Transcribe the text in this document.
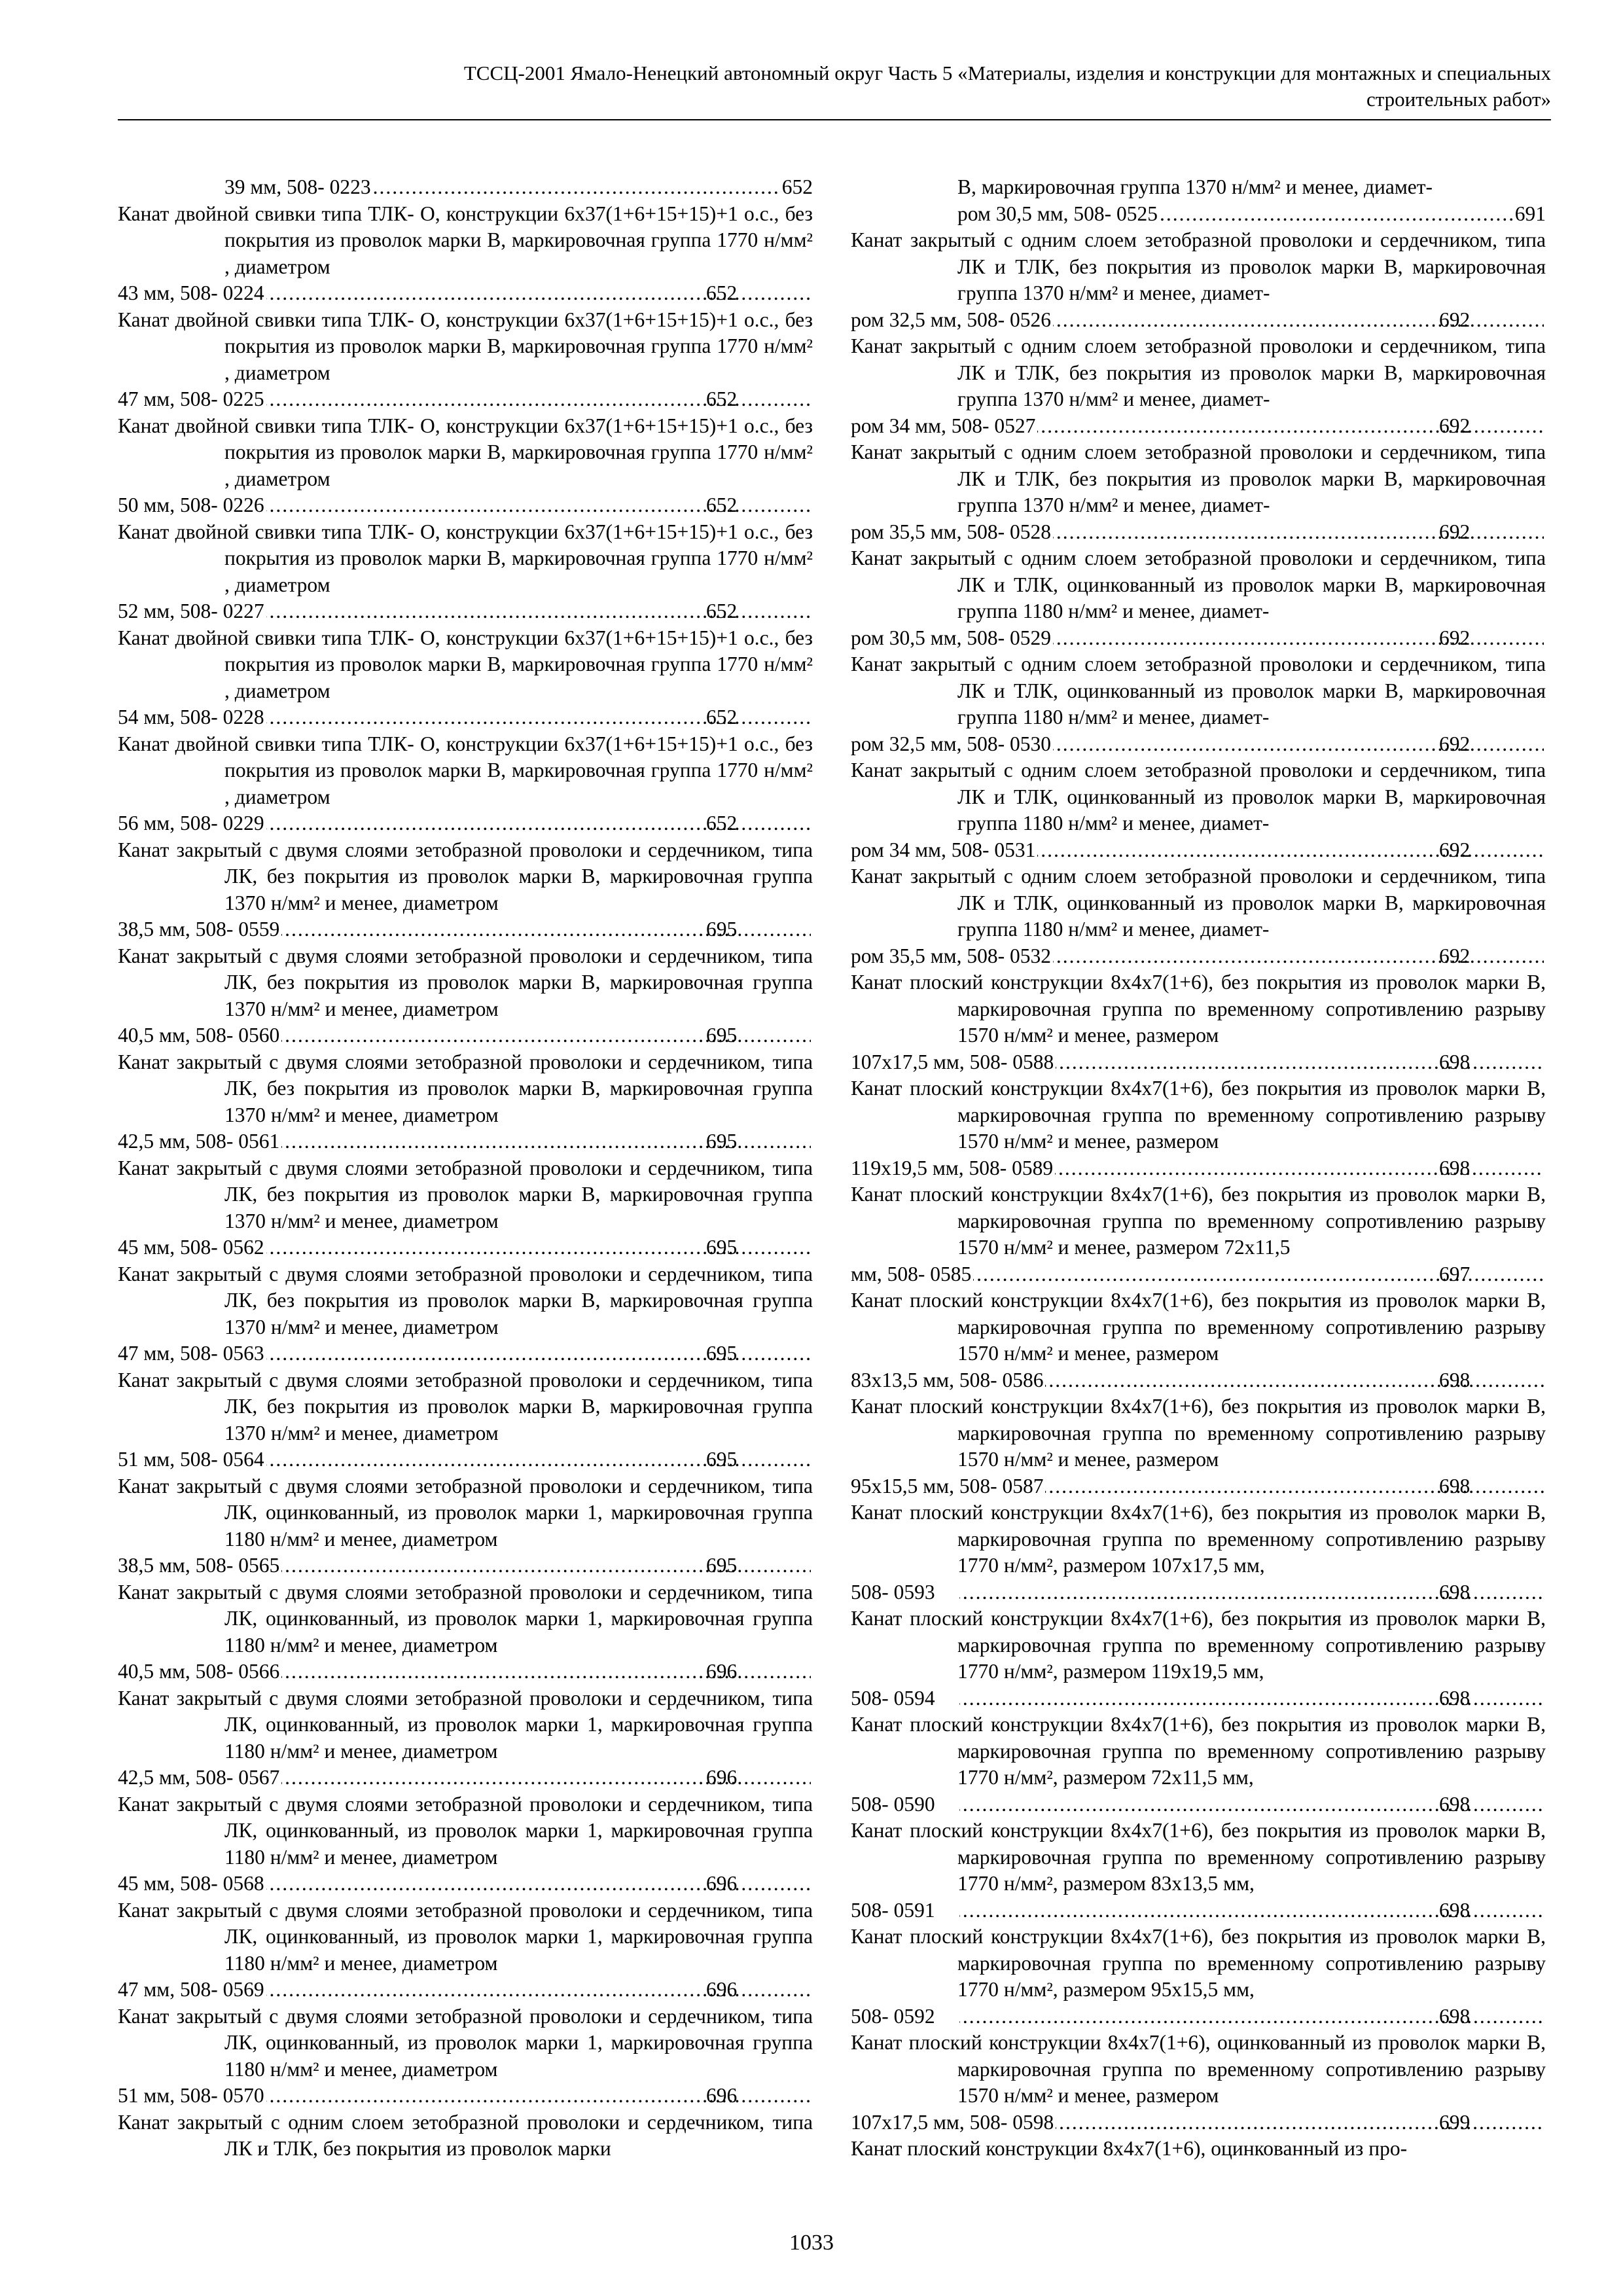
ТССЦ-2001 Ямало-Ненецкий автономный округ Часть 5 «Материалы, изделия и конструкции для монтажных и специальных
строительных работ»
39 мм, 508- 0223 .....	652
Канат двойной свивки типа ТЛК- О, конструкции 6х37(1+6+15+15)+1 о.с., без покрытия из проволок марки В, маркировочная группа 1770 н/мм² , диаметром
43 мм, 508- 0224 .....	652
Канат двойной свивки типа ТЛК- О, конструкции 6х37(1+6+15+15)+1 о.с., без покрытия из проволок марки В, маркировочная группа 1770 н/мм² , диаметром
47 мм, 508- 0225 .....	652
Канат двойной свивки типа ТЛК- О, конструкции 6х37(1+6+15+15)+1 о.с., без покрытия из проволок марки В, маркировочная группа 1770 н/мм² , диаметром
50 мм, 508- 0226 .....	652
Канат двойной свивки типа ТЛК- О, конструкции 6х37(1+6+15+15)+1 о.с., без покрытия из проволок марки В, маркировочная группа 1770 н/мм² , диаметром
52 мм, 508- 0227 .....	652
Канат двойной свивки типа ТЛК- О, конструкции 6х37(1+6+15+15)+1 о.с., без покрытия из проволок марки В, маркировочная группа 1770 н/мм² , диаметром
54 мм, 508- 0228 .....	652
Канат двойной свивки типа ТЛК- О, конструкции 6х37(1+6+15+15)+1 о.с., без покрытия из проволок марки В, маркировочная группа 1770 н/мм² , диаметром
56 мм, 508- 0229 .....	652
Канат закрытый с двумя слоями зетобразной проволоки и сердечником, типа ЛК, без покрытия из проволок марки В, маркировочная группа 1370 н/мм² и менее, диаметром
38,5 мм, 508- 0559 .....	695
Канат закрытый с двумя слоями зетобразной проволоки и сердечником, типа ЛК, без покрытия из проволок марки В, маркировочная группа 1370 н/мм² и менее, диаметром
40,5 мм, 508- 0560 .....	695
Канат закрытый с двумя слоями зетобразной проволоки и сердечником, типа ЛК, без покрытия из проволок марки В, маркировочная группа 1370 н/мм² и менее, диаметром
42,5 мм, 508- 0561 .....	695
Канат закрытый с двумя слоями зетобразной проволоки и сердечником, типа ЛК, без покрытия из проволок марки В, маркировочная группа 1370 н/мм² и менее, диаметром
45 мм, 508- 0562 .....	695
Канат закрытый с двумя слоями зетобразной проволоки и сердечником, типа ЛК, без покрытия из проволок марки В, маркировочная группа 1370 н/мм² и менее, диаметром
47 мм, 508- 0563 .....	695
Канат закрытый с двумя слоями зетобразной проволоки и сердечником, типа ЛК, без покрытия из проволок марки В, маркировочная группа 1370 н/мм² и менее, диаметром
51 мм, 508- 0564 .....	695
Канат закрытый с двумя слоями зетобразной проволоки и сердечником, типа ЛК, оцинкованный, из проволок марки 1, маркировочная группа 1180 н/мм² и менее, диаметром
38,5 мм, 508- 0565 .....	695
Канат закрытый с двумя слоями зетобразной проволоки и сердечником, типа ЛК, оцинкованный, из проволок марки 1, маркировочная группа 1180 н/мм² и менее, диаметром
40,5 мм, 508- 0566 .....	696
Канат закрытый с двумя слоями зетобразной проволоки и сердечником, типа ЛК, оцинкованный, из проволок марки 1, маркировочная группа 1180 н/мм² и менее, диаметром
42,5 мм, 508- 0567 .....	696
Канат закрытый с двумя слоями зетобразной проволоки и сердечником, типа ЛК, оцинкованный, из проволок марки 1, маркировочная группа 1180 н/мм² и менее, диаметром
45 мм, 508- 0568 .....	696
Канат закрытый с двумя слоями зетобразной проволоки и сердечником, типа ЛК, оцинкованный, из проволок марки 1, маркировочная группа 1180 н/мм² и менее, диаметром
47 мм, 508- 0569 .....	696
Канат закрытый с двумя слоями зетобразной проволоки и сердечником, типа ЛК, оцинкованный, из проволок марки 1, маркировочная группа 1180 н/мм² и менее, диаметром
51 мм, 508- 0570 .....	696
Канат закрытый с одним слоем зетобразной проволоки и сердечником, типа ЛК и ТЛК, без покрытия из проволок марки
В, маркировочная группа 1370 н/мм² и менее, диамет-
ром 30,5 мм, 508- 0525 .....	691
Канат закрытый с одним слоем зетобразной проволоки и сердечником, типа ЛК и ТЛК, без покрытия из проволок марки В, маркировочная группа 1370 н/мм² и менее, диамет-
ром 32,5 мм, 508- 0526 .....	692
Канат закрытый с одним слоем зетобразной проволоки и сердечником, типа ЛК и ТЛК, без покрытия из проволок марки В, маркировочная группа 1370 н/мм² и менее, диамет-
ром 34 мм, 508- 0527 .....	692
Канат закрытый с одним слоем зетобразной проволоки и сердечником, типа ЛК и ТЛК, без покрытия из проволок марки В, маркировочная группа 1370 н/мм² и менее, диамет-
ром 35,5 мм, 508- 0528 .....	692
Канат закрытый с одним слоем зетобразной проволоки и сердечником, типа ЛК и ТЛК, оцинкованный из проволок марки В, маркировочная группа 1180 н/мм² и менее, диамет-
ром 30,5 мм, 508- 0529 .....	692
Канат закрытый с одним слоем зетобразной проволоки и сердечником, типа ЛК и ТЛК, оцинкованный из проволок марки В, маркировочная группа 1180 н/мм² и менее, диамет-
ром 32,5 мм, 508- 0530 .....	692
Канат закрытый с одним слоем зетобразной проволоки и сердечником, типа ЛК и ТЛК, оцинкованный из проволок марки В, маркировочная группа 1180 н/мм² и менее, диамет-
ром 34 мм, 508- 0531 .....	692
Канат закрытый с одним слоем зетобразной проволоки и сердечником, типа ЛК и ТЛК, оцинкованный из проволок марки В, маркировочная группа 1180 н/мм² и менее, диамет-
ром 35,5 мм, 508- 0532 .....	692
Канат плоский конструкции 8х4х7(1+6), без покрытия из проволок марки В, маркировочная группа по временному сопротивлению разрыву 1570 н/мм² и менее, размером
107х17,5 мм, 508- 0588 .....	698
Канат плоский конструкции 8х4х7(1+6), без покрытия из проволок марки В, маркировочная группа по временному сопротивлению разрыву 1570 н/мм² и менее, размером
119х19,5 мм, 508- 0589 .....	698
Канат плоский конструкции 8х4х7(1+6), без покрытия из проволок марки В, маркировочная группа по временному сопротивлению разрыву 1570 н/мм² и менее, размером 72х11,5
мм, 508- 0585 .....	697
Канат плоский конструкции 8х4х7(1+6), без покрытия из проволок марки В, маркировочная группа по временному сопротивлению разрыву 1570 н/мм² и менее, размером
83х13,5 мм, 508- 0586 .....	698
Канат плоский конструкции 8х4х7(1+6), без покрытия из проволок марки В, маркировочная группа по временному сопротивлению разрыву 1570 н/мм² и менее, размером
95х15,5 мм, 508- 0587 .....	698
Канат плоский конструкции 8х4х7(1+6), без покрытия из проволок марки В, маркировочная группа по временному сопротивлению разрыву 1770 н/мм², размером 107х17,5 мм,
508- 0593 .....	698
Канат плоский конструкции 8х4х7(1+6), без покрытия из проволок марки В, маркировочная группа по временному сопротивлению разрыву 1770 н/мм², размером 119х19,5 мм,
508- 0594 .....	698
Канат плоский конструкции 8х4х7(1+6), без покрытия из проволок марки В, маркировочная группа по временному сопротивлению разрыву 1770 н/мм², размером 72х11,5 мм,
508- 0590 .....	698
Канат плоский конструкции 8х4х7(1+6), без покрытия из проволок марки В, маркировочная группа по временному сопротивлению разрыву 1770 н/мм², размером 83х13,5 мм,
508- 0591 .....	698
Канат плоский конструкции 8х4х7(1+6), без покрытия из проволок марки В, маркировочная группа по временному сопротивлению разрыву 1770 н/мм², размером 95х15,5 мм,
508- 0592 .....	698
Канат плоский конструкции 8х4х7(1+6), оцинкованный из проволок марки В, маркировочная группа по временному сопротивлению разрыву 1570 н/мм² и менее, размером
107х17,5 мм, 508- 0598 .....	699
Канат плоский конструкции 8х4х7(1+6), оцинкованный из про-
1033
